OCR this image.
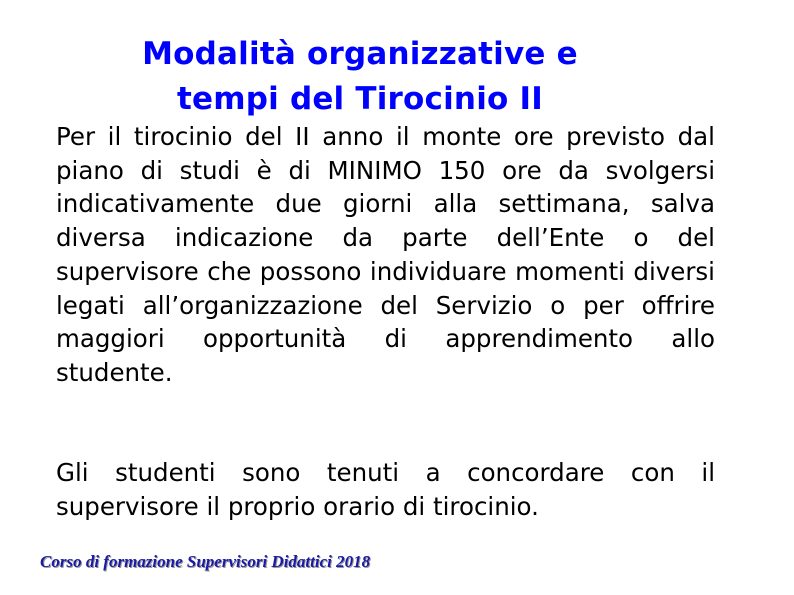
Modalità organizzative e
tempi del Tirocinio II

Per il tirocinio del II anno il monte ore previsto dal piano di studi è di MINIMO 150 ore da svolgersi indicativamente due giorni alla settimana, salva diversa indicazione da parte dell’Ente o del supervisore che possono individuare momenti diversi legati all’organizzazione del Servizio o per offrire maggiori opportunità di apprendimento allo studente.

Gli studenti sono tenuti a concordare con il supervisore il proprio orario di tirocinio.

Corso di formazione Supervisori Didattici 2018
